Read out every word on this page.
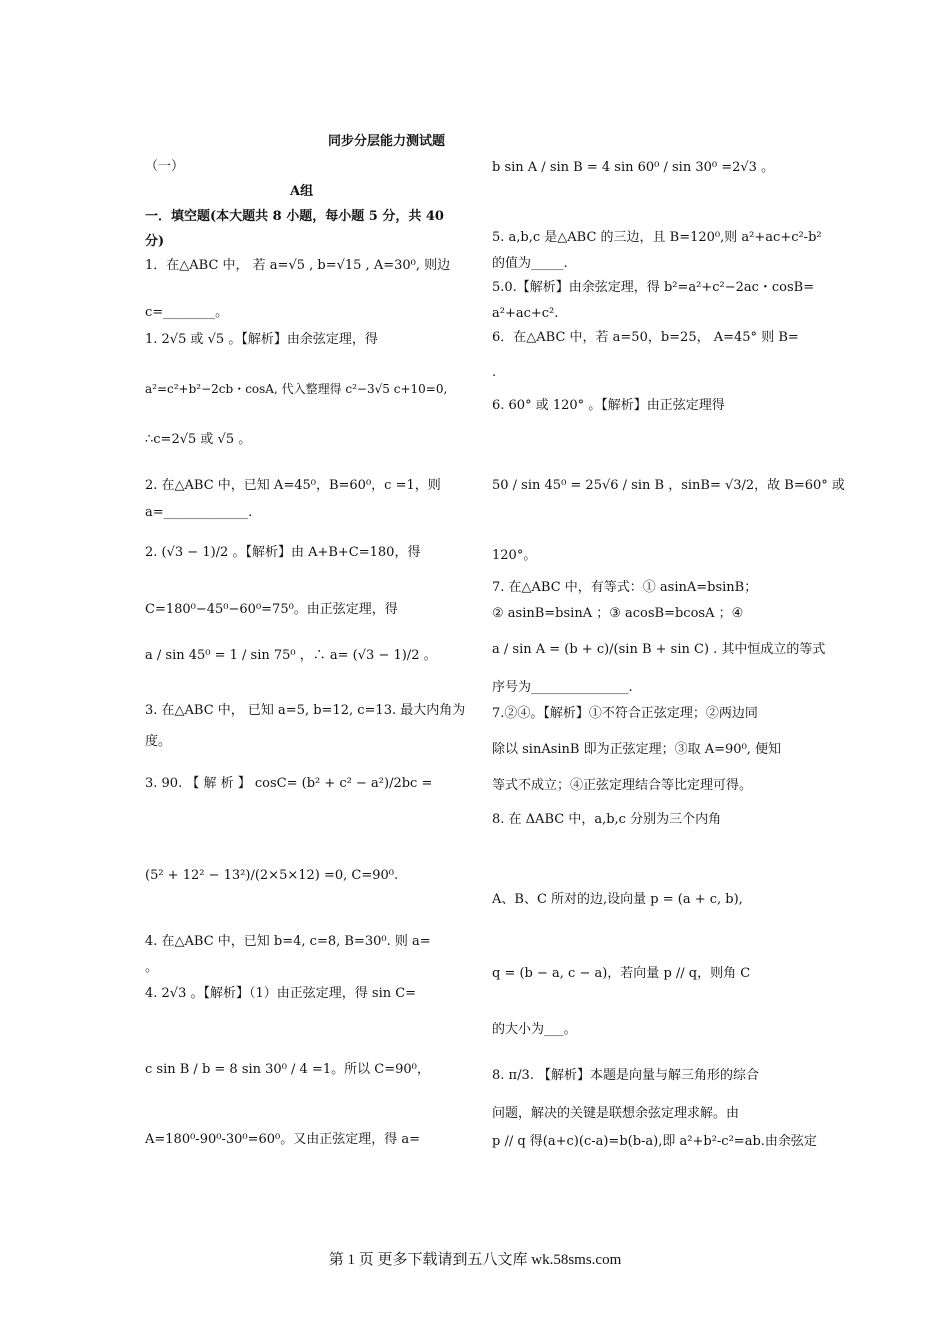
同步分层能力测试题
（一）
A组
一．填空题(本大题共 8 小题，每小题 5 分，共 40
分)
1．在△ABC 中， 若 a=√5 , b=√15 , A=30⁰, 则边
c=________。
1. 2√5 或 √5 。【解析】由余弦定理，得
a²=c²+b²−2cb・cosA, 代入整理得 c²−3√5 c+10=0,
∴c=2√5 或 √5 。
2. 在△ABC 中，已知 A=45⁰，B=60⁰，c =1，则
a=_____________.
2. (√3 − 1)/2 。【解析】由 A+B+C=180，得
C=180⁰−45⁰−60⁰=75⁰。由正弦定理，得
a / sin 45⁰ = 1 / sin 75⁰ ，∴ a= (√3 − 1)/2 。
3. 在△ABC 中， 已知 a=5, b=12, c=13. 最大内角为
度。
3. 90. 【 解 析 】 cosC= (b² + c² − a²)/2bc =
(5² + 12² − 13²)/(2×5×12) =0, C=90⁰.
4. 在△ABC 中，已知 b=4, c=8, B=30⁰. 则 a=
。
4. 2√3 。【解析】（1）由正弦定理，得 sin C=
c sin B / b = 8 sin 30⁰ / 4 =1。所以 C=90⁰，
A=180⁰-90⁰-30⁰=60⁰。又由正弦定理，得 a=
b sin A / sin B = 4 sin 60⁰ / sin 30⁰ =2√3 。
5. a,b,c 是△ABC 的三边，且 B=120⁰,则 a²+ac+c²-b²
的值为_____.
5.0.【解析】由余弦定理，得 b²=a²+c²−2ac・cosB=
a²+ac+c².
6．在△ABC 中，若 a=50，b=25， A=45° 则 B=
.
6. 60° 或 120° 。【解析】由正弦定理得
50 / sin 45⁰ = 25√6 / sin B ，sinB= √3/2，故 B=60° 或
120°。
7. 在△ABC 中，有等式：① asinA=bsinB；
② asinB=bsinA ；③ acosB=bcosA ；④
a / sin A = (b + c)/(sin B + sin C) . 其中恒成立的等式
序号为_______________.
7.②④。【解析】①不符合正弦定理；②两边同
除以 sinAsinB 即为正弦定理；③取 A=90⁰, 便知
等式不成立；④正弦定理结合等比定理可得。
8. 在 ΔABC 中，a,b,c 分别为三个内角
A、B、C 所对的边,设向量 p = (a + c, b),
q = (b − a, c − a)，若向量 p // q，则角 C
的大小为___。
8. π/3. 【解析】本题是向量与解三角形的综合
问题，解决的关键是联想余弦定理求解。由
p // q 得(a+c)(c-a)=b(b-a),即 a²+b²-c²=ab.由余弦定
第 1 页 更多下载请到五八文库 wk.58sms.com
